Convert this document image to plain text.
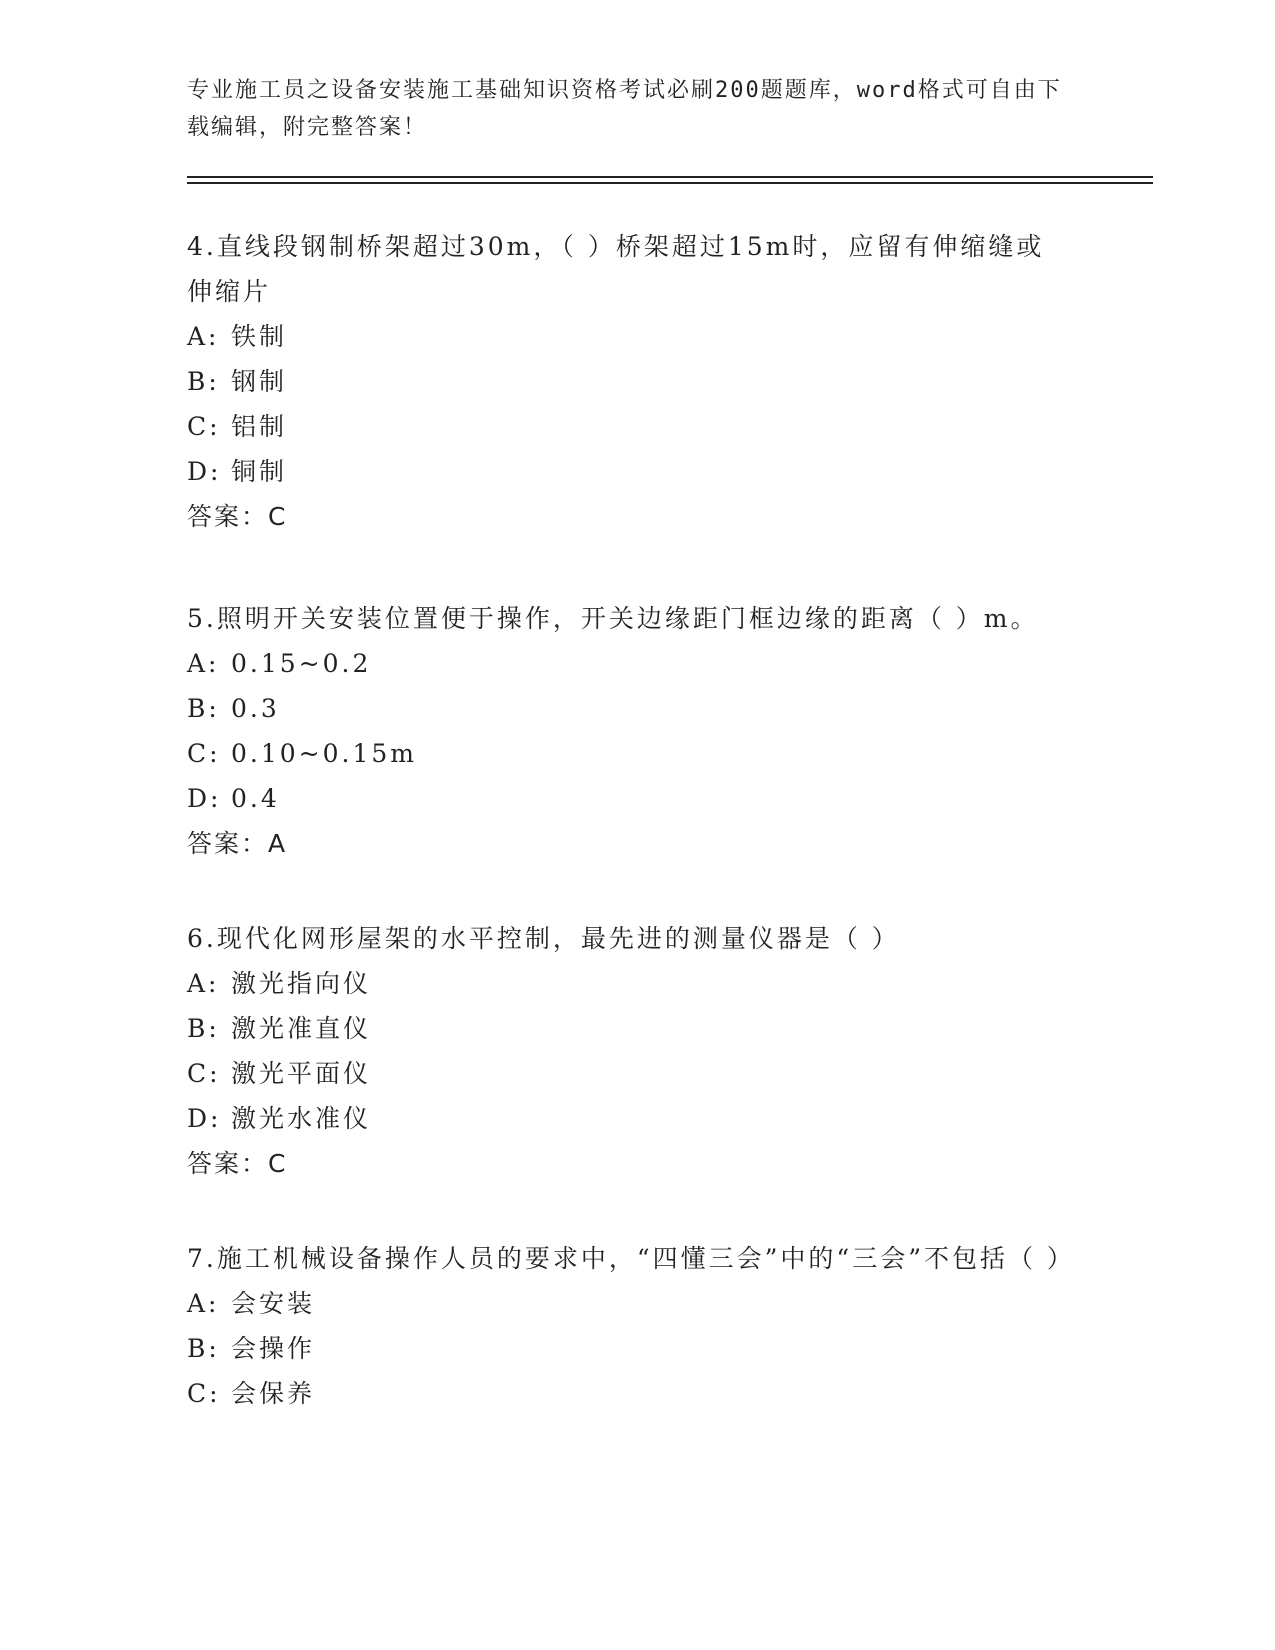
专业施工员之设备安装施工基础知识资格考试必刷200题题库，word格式可自由下载编辑，附完整答案！

4.直线段钢制桥架超过30m，（ ）桥架超过15m时，应留有伸缩缝或伸缩片

A: 铁制

B: 钢制

C: 铝制

D: 铜制

答案：C

5.照明开关安装位置便于操作，开关边缘距门框边缘的距离（ ）m。

A: 0.15~0.2

B: 0.3

C: 0.10~0.15m

D: 0.4

答案：A

6.现代化网形屋架的水平控制，最先进的测量仪器是（ ）

A: 激光指向仪

B: 激光准直仪

C: 激光平面仪

D: 激光水准仪

答案：C

7.施工机械设备操作人员的要求中，“四懂三会”中的“三会”不包括（ ）

A: 会安装

B: 会操作

C: 会保养
